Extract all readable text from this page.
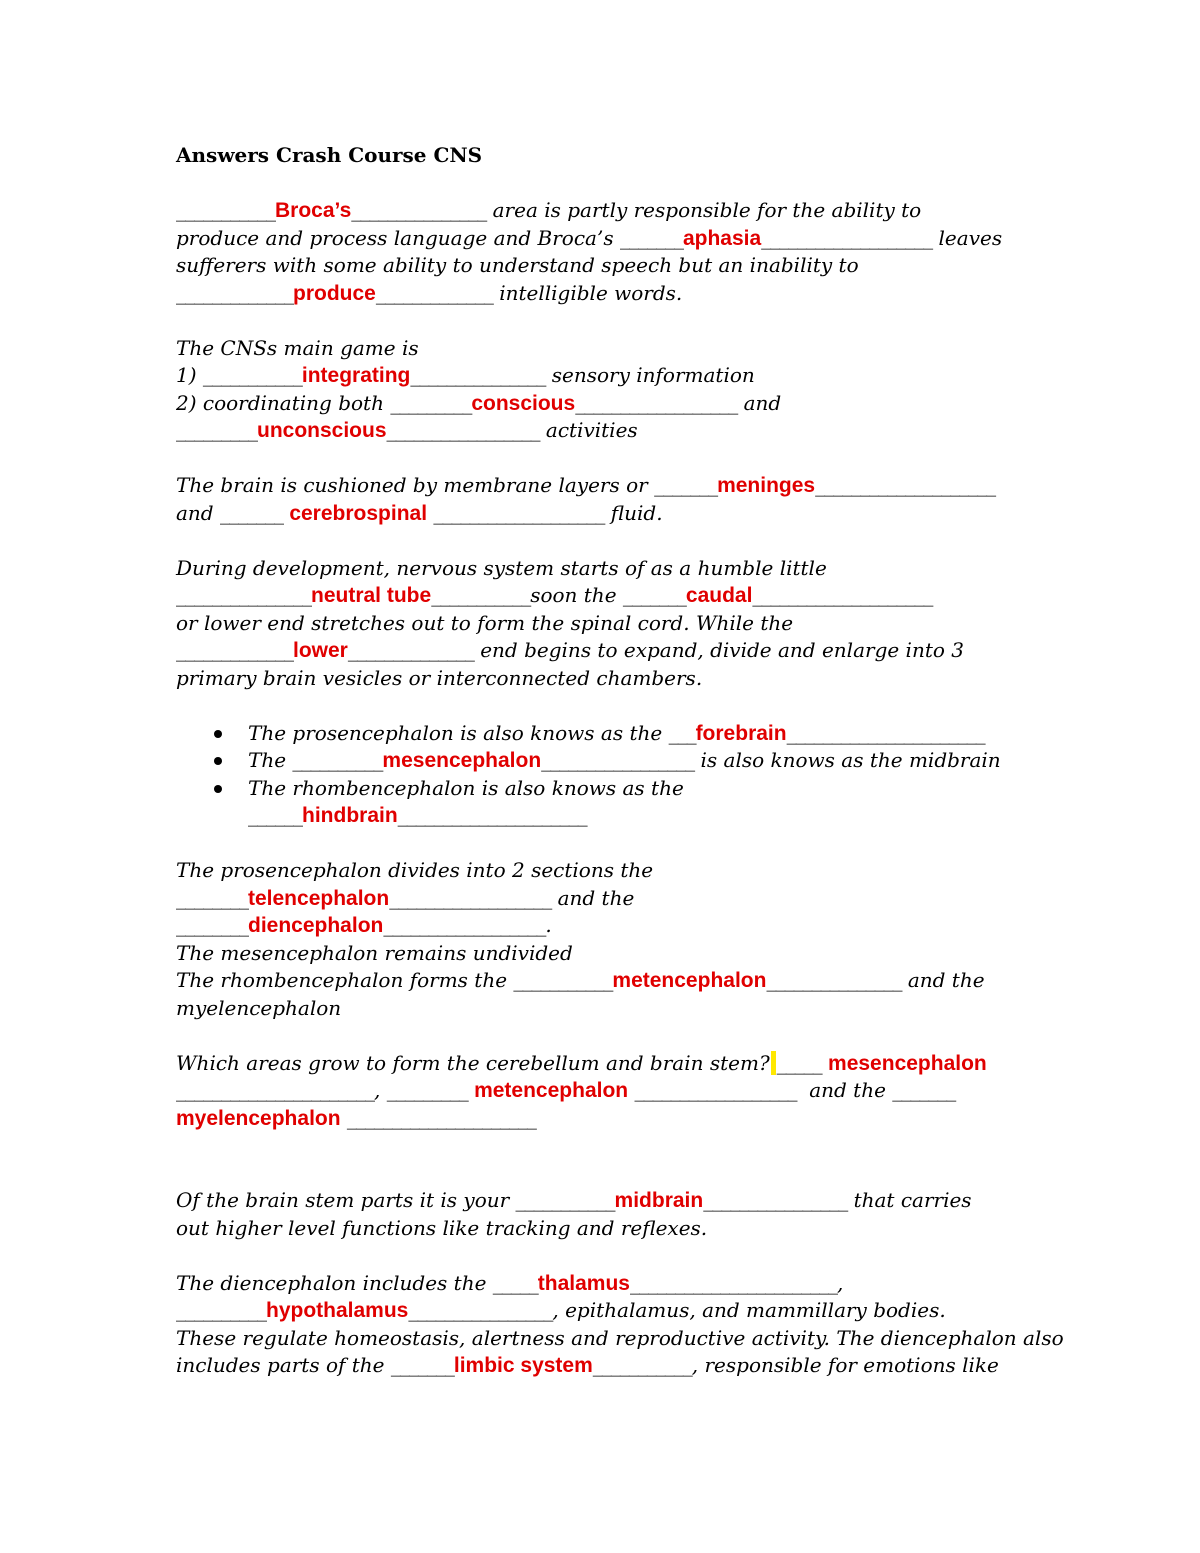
Answers Crash Course CNS

___________Broca’s_______________ area is partly responsible for the ability to
produce and process language and Broca’s _______aphasia___________________ leaves
sufferers with some ability to understand speech but an inability to
_____________produce_____________ intelligible words.

The CNSs main game is
1) ___________integrating_______________ sensory information
2) coordinating both _________conscious__________________ and
_________unconscious_________________ activities

The brain is cushioned by membrane layers or _______meninges____________________
and _______ cerebrospinal ___________________ fluid.

During development, nervous system starts of as a humble little
_______________neutral tube___________soon the _______caudal____________________
or lower end stretches out to form the spinal cord. While the
_____________lower______________ end begins to expand, divide and enlarge into 3
primary brain vesicles or interconnected chambers.

The prosencephalon is also knows as the ___forebrain______________________
The __________mesencephalon_________________ is also knows as the midbrain
The rhombencephalon is also knows as the
______hindbrain_____________________

The prosencephalon divides into 2 sections the
________telencephalon__________________ and the
________diencephalon__________________.
The mesencephalon remains undivided
The rhombencephalon forms the ___________metencephalon_______________ and the
myelencephalon

Which areas grow to form the cerebellum and brain stem? _____ mesencephalon
______________________, _________ metencephalon __________________ and the _______
myelencephalon _____________________

Of the brain stem parts it is your ___________midbrain________________ that carries
out higher level functions like tracking and reflexes.

The diencephalon includes the _____thalamus_______________________,
__________hypothalamus________________, epithalamus, and mammillary bodies.
These regulate homeostasis, alertness and reproductive activity. The diencephalon also
includes parts of the _______limbic system___________, responsible for emotions like
